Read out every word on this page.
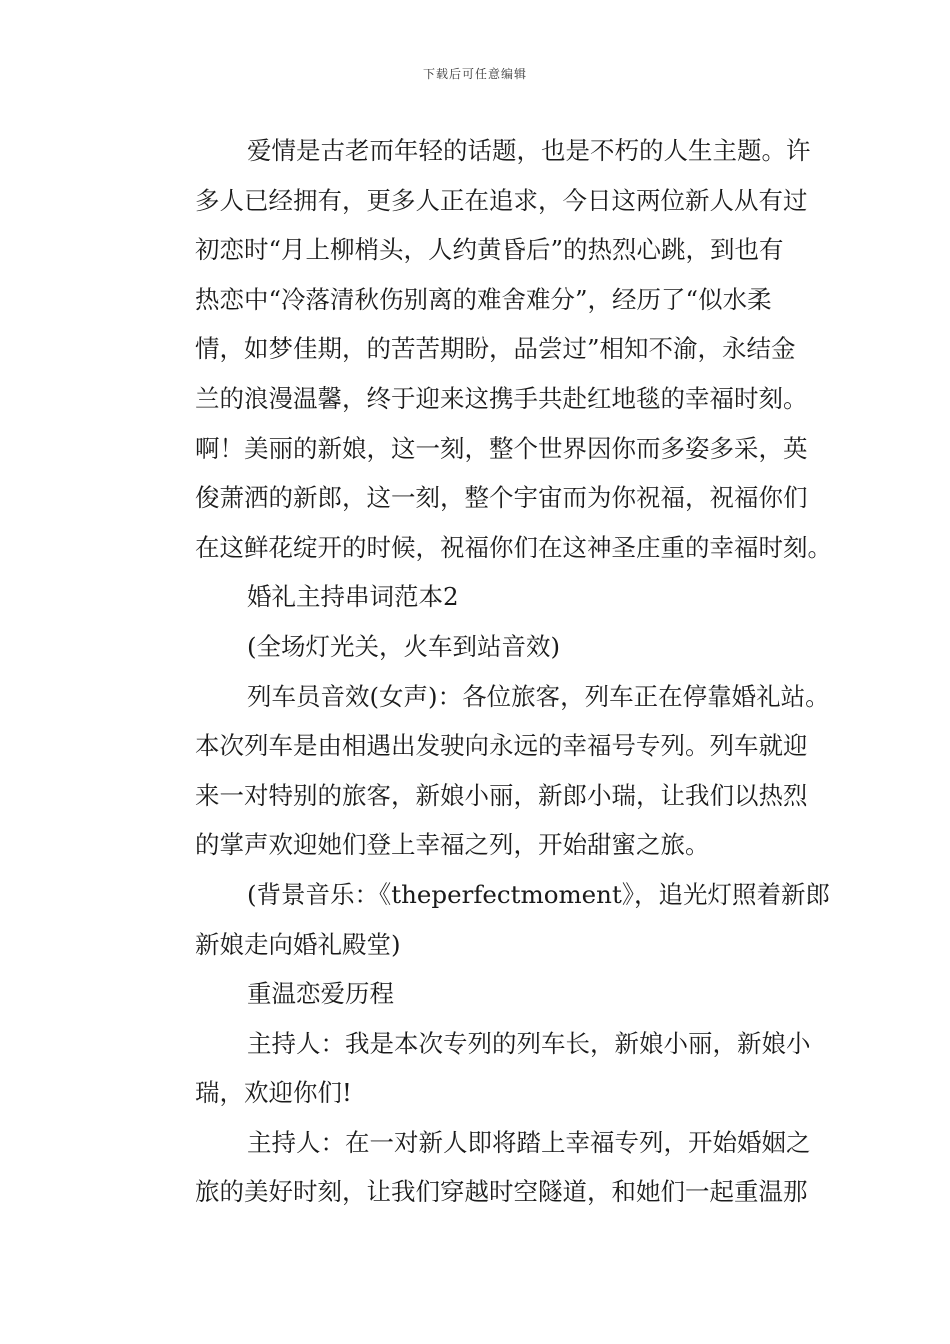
下载后可任意编辑
爱情是古老而年轻的话题，也是不朽的人生主题。许
多人已经拥有，更多人正在追求，今日这两位新人从有过
初恋时“月上柳梢头，人约黄昏后”的热烈心跳，到也有
热恋中“冷落清秋伤别离的难舍难分”，经历了“似水柔
情，如梦佳期，的苦苦期盼，品尝过”相知不渝，永结金
兰的浪漫温馨，终于迎来这携手共赴红地毯的幸福时刻。
啊！美丽的新娘，这一刻，整个世界因你而多姿多采，英
俊萧洒的新郎，这一刻，整个宇宙而为你祝福，祝福你们
在这鲜花绽开的时候，祝福你们在这神圣庄重的幸福时刻。
婚礼主持串词范本2
(全场灯光关，火车到站音效)
列车员音效(女声)：各位旅客，列车正在停靠婚礼站。
本次列车是由相遇出发驶向永远的幸福号专列。列车就迎
来一对特别的旅客，新娘小丽，新郎小瑞，让我们以热烈
的掌声欢迎她们登上幸福之列，开始甜蜜之旅。
(背景音乐：《theperfectmoment》，追光灯照着新郎
新娘走向婚礼殿堂)
重温恋爱历程
主持人：我是本次专列的列车长，新娘小丽，新娘小
瑞，欢迎你们!
主持人：在一对新人即将踏上幸福专列，开始婚姻之
旅的美好时刻，让我们穿越时空隧道，和她们一起重温那
